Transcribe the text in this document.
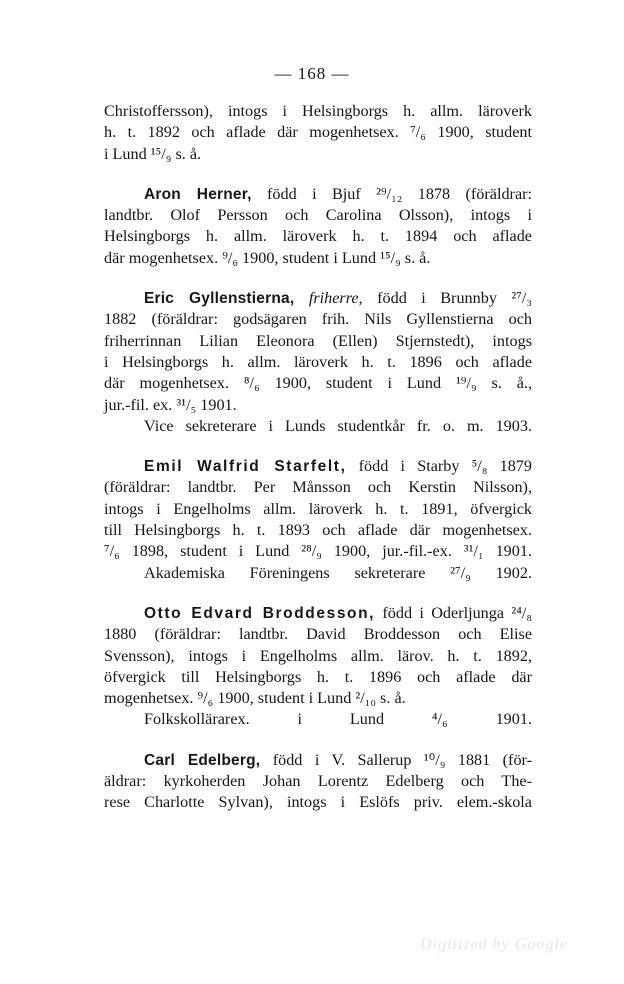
— 168 —
Christoffersson), intogs i Helsingborgs h. allm. läroverk
h. t. 1892 och aflade där mogenhetsex. ⁷/₆ 1900, student
i Lund ¹⁵/₉ s. å.
Aron Herner, född i Bjuf ²⁹/₁₂ 1878 (föräldrar:
landtbr. Olof Persson och Carolina Olsson), intogs i
Helsingborgs h. allm. läroverk h. t. 1894 och aflade
där mogenhetsex. ⁹/₆ 1900, student i Lund ¹⁵/₉ s. å.
Eric Gyllenstierna, friherre, född i Brunnby ²⁷/₃
1882 (föräldrar: godsägaren frih. Nils Gyllenstierna och
friherrinnan Lilian Eleonora (Ellen) Stjernstedt), intogs
i Helsingborgs h. allm. läroverk h. t. 1896 och aflade
där mogenhetsex. ⁸/₆ 1900, student i Lund ¹⁹/₉ s. å.,
jur.-fil. ex. ³¹/₅ 1901.
Vice sekreterare i Lunds studentkår fr. o. m. 1903.
Emil Walfrid Starfelt, född i Starby ⁵/₈ 1879
(föräldrar: landtbr. Per Månsson och Kerstin Nilsson),
intogs i Engelholms allm. läroverk h. t. 1891, öfvergick
till Helsingborgs h. t. 1893 och aflade där mogenhetsex.
⁷/₆ 1898, student i Lund ²⁸/₉ 1900, jur.-fil.-ex. ³¹/₁ 1901.
Akademiska Föreningens sekreterare ²⁷/₉ 1902.
Otto Edvard Broddesson, född i Oderljunga ²⁴/₈
1880 (föräldrar: landtbr. David Broddesson och Elise
Svensson), intogs i Engelholms allm. lärov. h. t. 1892,
öfvergick till Helsingborgs h. t. 1896 och aflade där
mogenhetsex. ⁹/₆ 1900, student i Lund ²/₁₀ s. å.
Folkskollärarex. i Lund ⁴/₆ 1901.
Carl Edelberg, född i V. Sallerup ¹⁰/₉ 1881 (för-
äldrar: kyrkoherden Johan Lorentz Edelberg och The-
rese Charlotte Sylvan), intogs i Eslöfs priv. elem.-skola
Digitized by Google
